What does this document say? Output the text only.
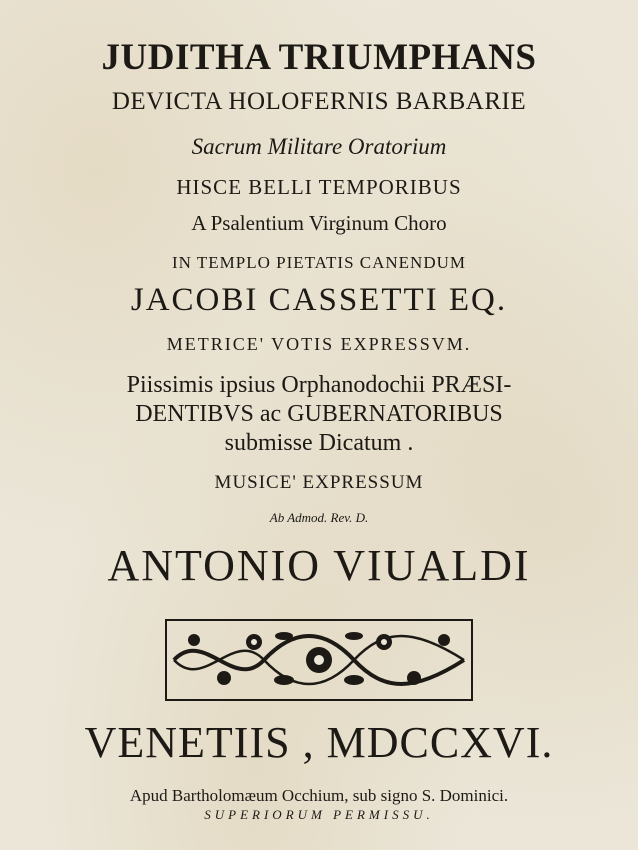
JUDITHA TRIUMPHANS

DEVICTA HOLOFERNIS BARBARIE

Sacrum Militare Oratorium

HISCE BELLI TEMPORIBUS

A Psalentium Virginum Choro

IN TEMPLO PIETATIS CANENDUM

JACOBI CASSETTI EQ.

METRICE' VOTIS EXPRESSVM.

Piissimis ipsius Orphanodochii PRÆSI-
DENTIBVS ac GUBERNATORIBUS
submisse Dicatum .

MUSICE' EXPRESSUM

Ab Admod. Rev. D.

ANTONIO VIUALDI

VENETIIS , MDCCXVI.

Apud Bartholomæum Occhium, sub signo S. Dominici.

SUPERIORUM PERMISSU.
